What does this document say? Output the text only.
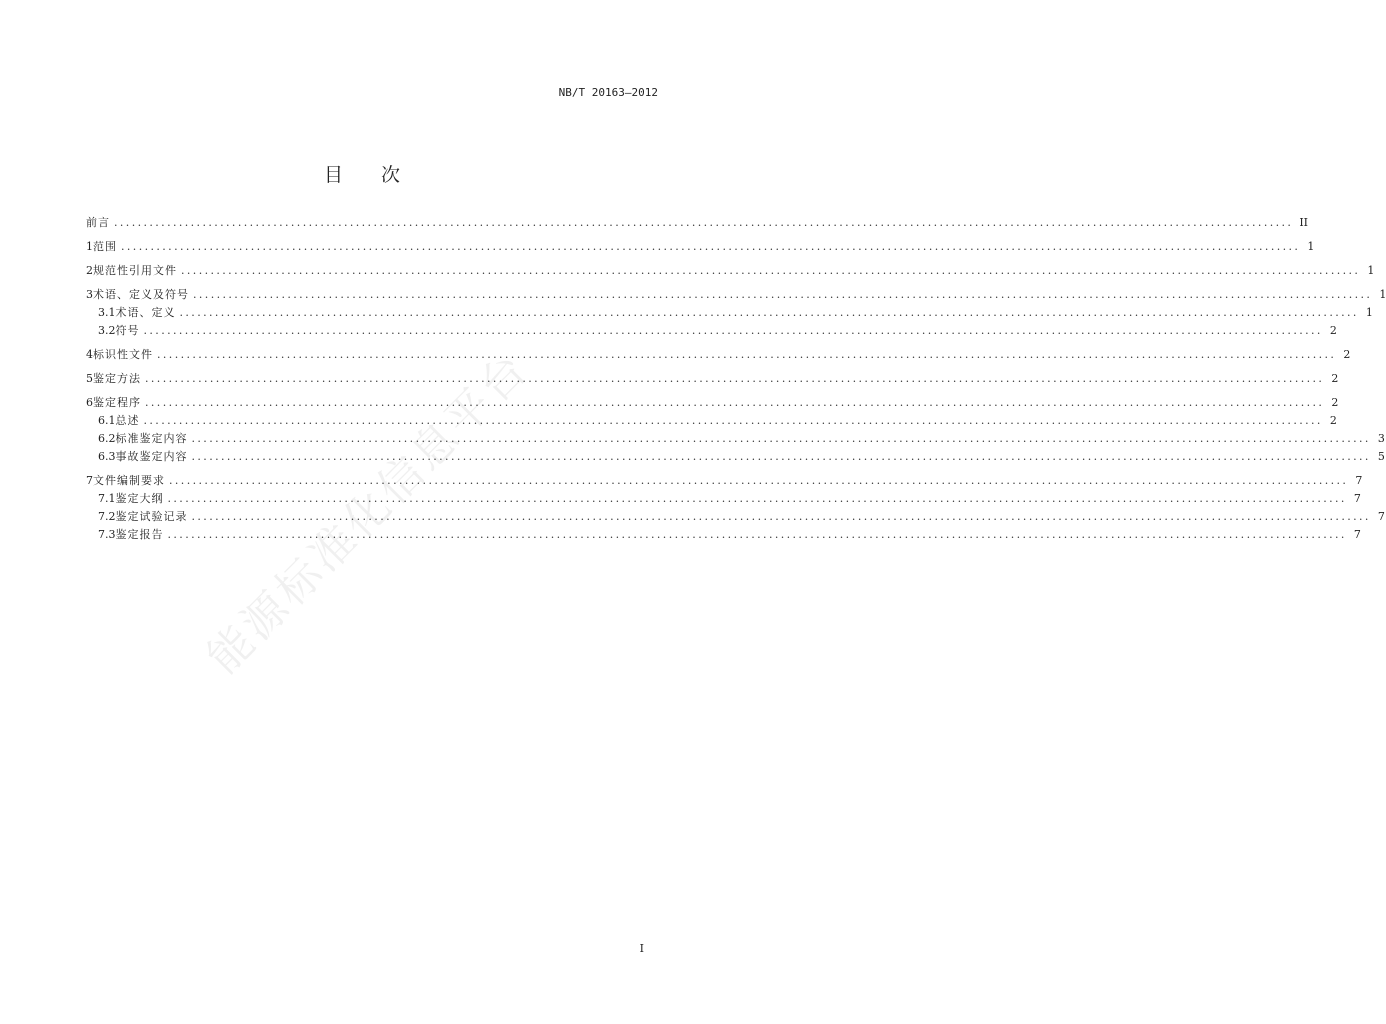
NB/T 20163—2012
目 次
前言 ........................................................................................................................................................................................................ II
1 范围 ........................................................................................................................................................................................................ 1
2 规范性引用文件 ........................................................................................................................................................................................................ 1
3 术语、定义及符号 ........................................................................................................................................................................................................ 1
3.1 术语、定义 ........................................................................................................................................................................................................ 1
3.2 符号 ........................................................................................................................................................................................................ 2
4 标识性文件 ........................................................................................................................................................................................................ 2
5 鉴定方法 ........................................................................................................................................................................................................ 2
6 鉴定程序 ........................................................................................................................................................................................................ 2
6.1 总述 ........................................................................................................................................................................................................ 2
6.2 标准鉴定内容 ........................................................................................................................................................................................................ 3
6.3 事故鉴定内容 ........................................................................................................................................................................................................ 5
7 文件编制要求 ........................................................................................................................................................................................................ 7
7.1 鉴定大纲 ........................................................................................................................................................................................................ 7
7.2 鉴定试验记录 ........................................................................................................................................................................................................ 7
7.3 鉴定报告 ........................................................................................................................................................................................................ 7
能源标准化信息平台
I
